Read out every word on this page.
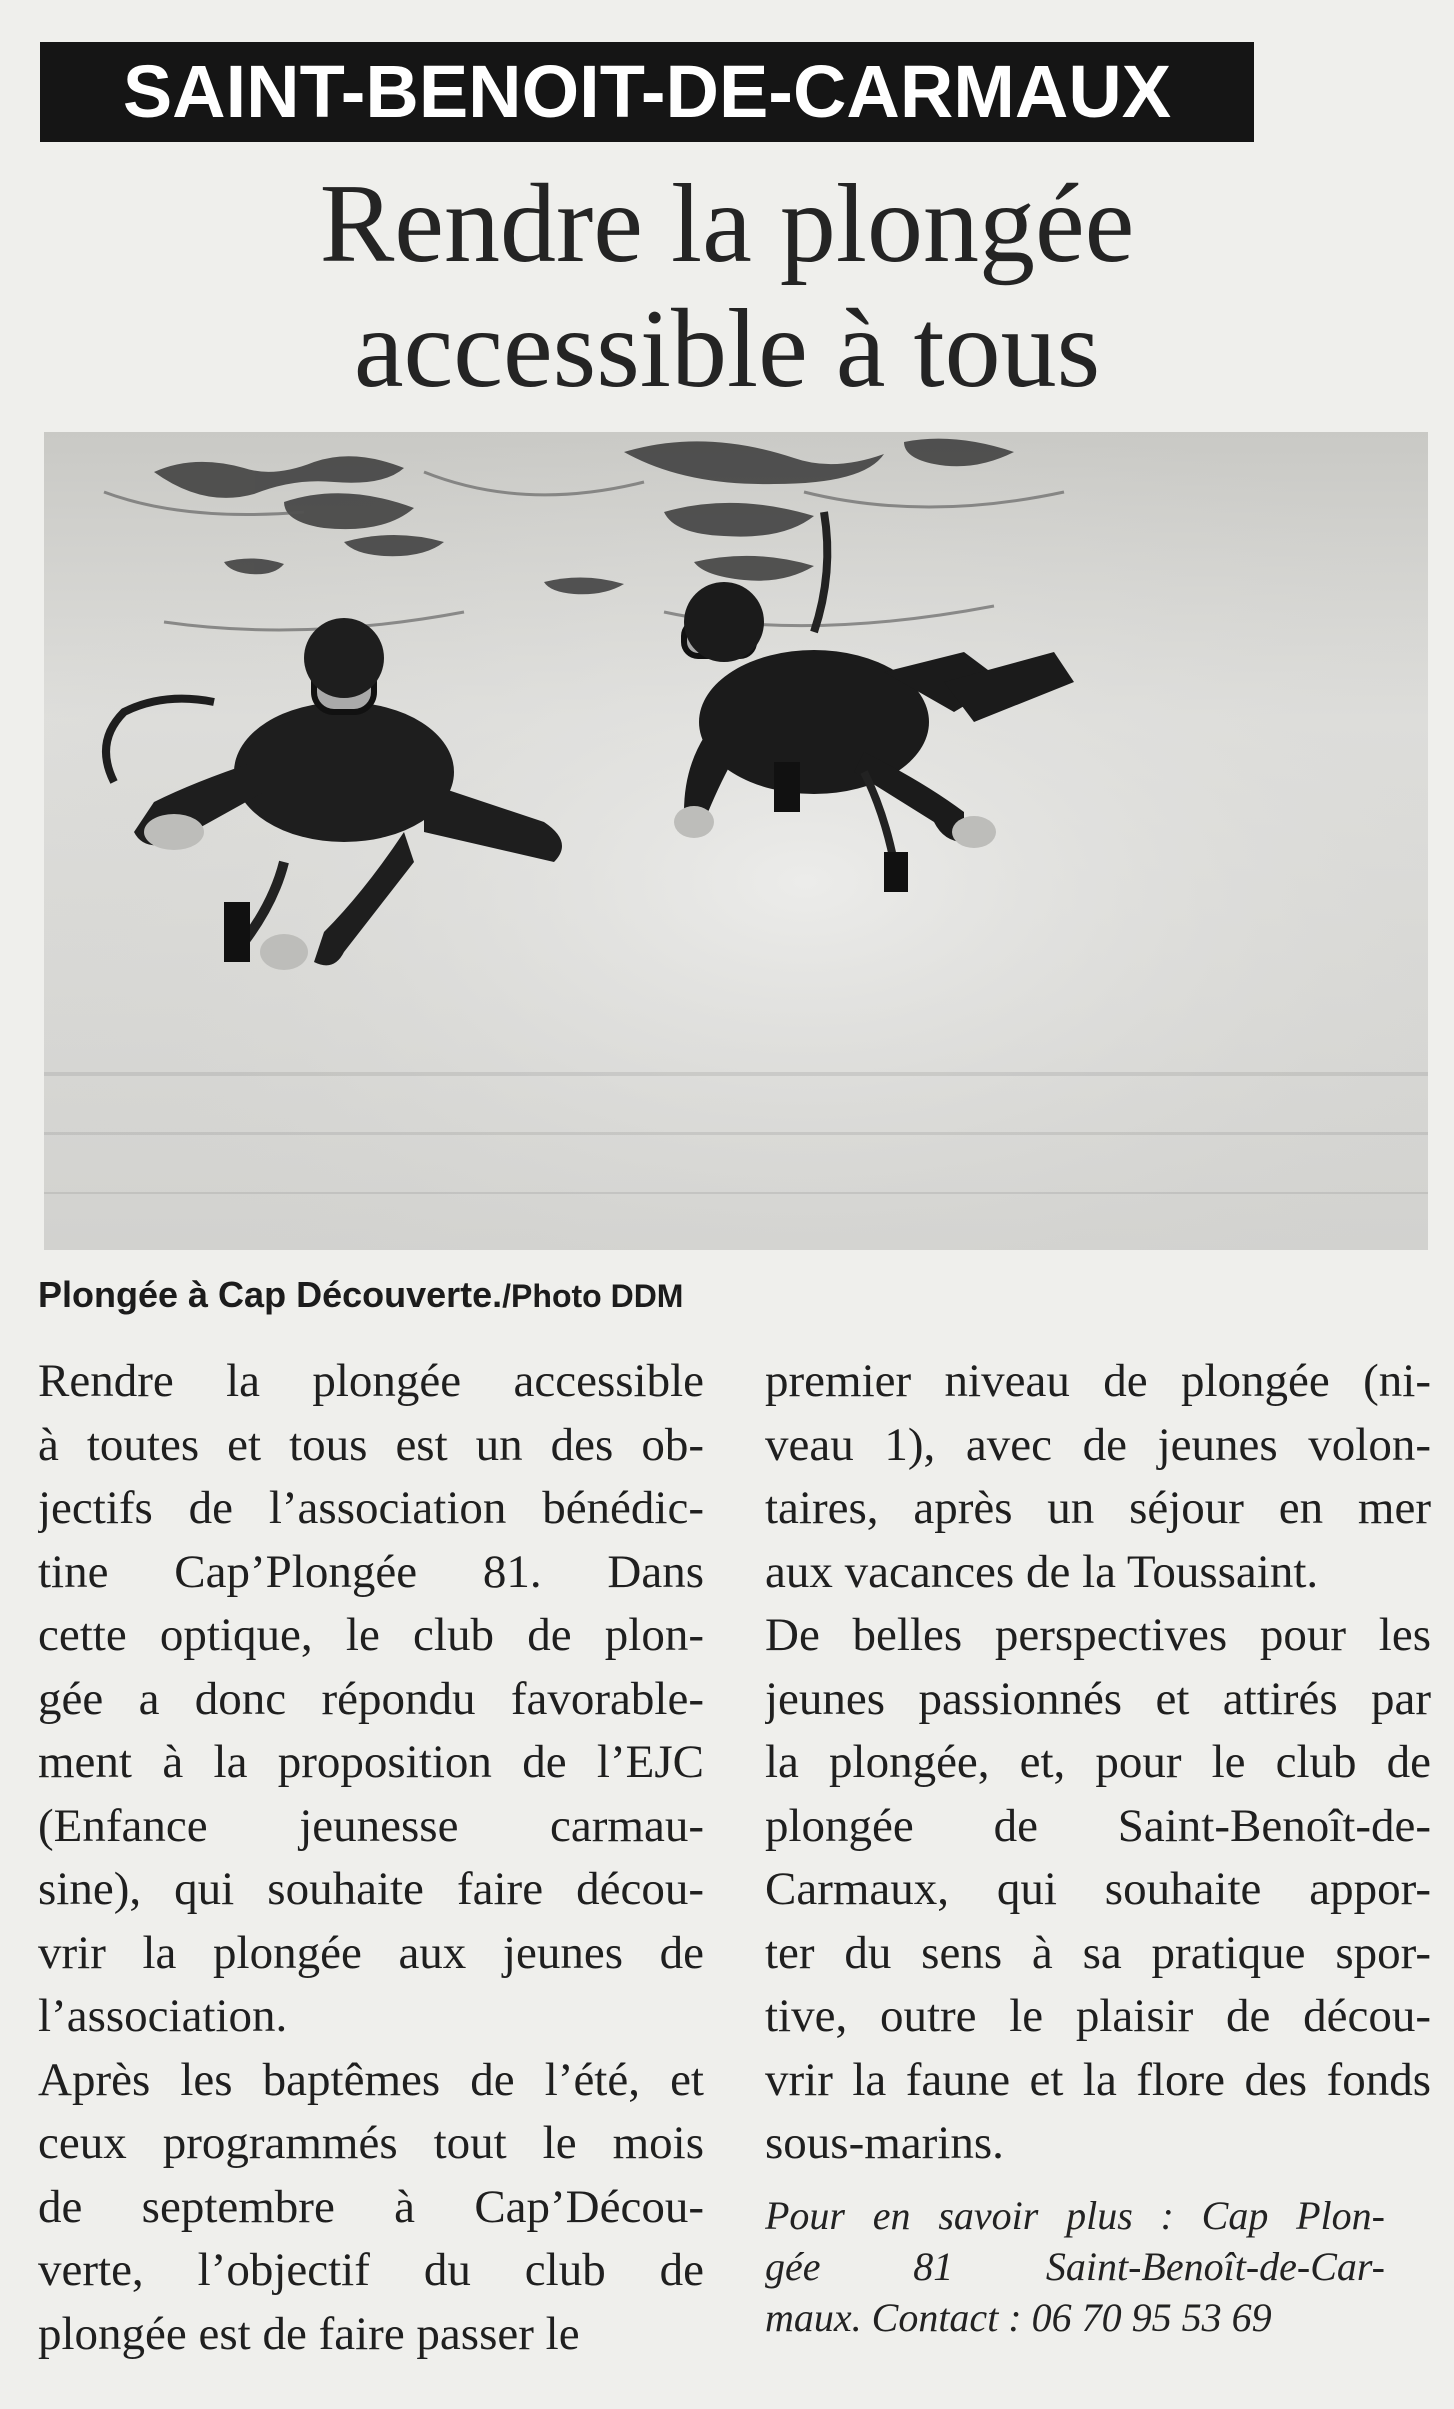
SAINT-BENOIT-DE-CARMAUX
Rendre la plongée
accessible à tous
Plongée à Cap Découverte./Photo DDM
Rendre la plongée accessible
à toutes et tous est un des ob-
jectifs de l’association bénédic-
tine Cap’Plongée 81. Dans
cette optique, le club de plon-
gée a donc répondu favorable-
ment à la proposition de l’EJC
(Enfance jeunesse carmau-
sine), qui souhaite faire décou-
vrir la plongée aux jeunes de
l’association.
Après les baptêmes de l’été, et
ceux programmés tout le mois
de septembre à Cap’Décou-
verte, l’objectif du club de
plongée est de faire passer le
premier niveau de plongée (ni-
veau 1), avec de jeunes volon-
taires, après un séjour en mer
aux vacances de la Toussaint.
De belles perspectives pour les
jeunes passionnés et attirés par
la plongée, et, pour le club de
plongée de Saint-Benoît-de-
Carmaux, qui souhaite appor-
ter du sens à sa pratique spor-
tive, outre le plaisir de décou-
vrir la faune et la flore des fonds
sous-marins.
Pour en savoir plus : Cap Plon-
gée 81 Saint-Benoît-de-Car-
maux. Contact : 06 70 95 53 69
